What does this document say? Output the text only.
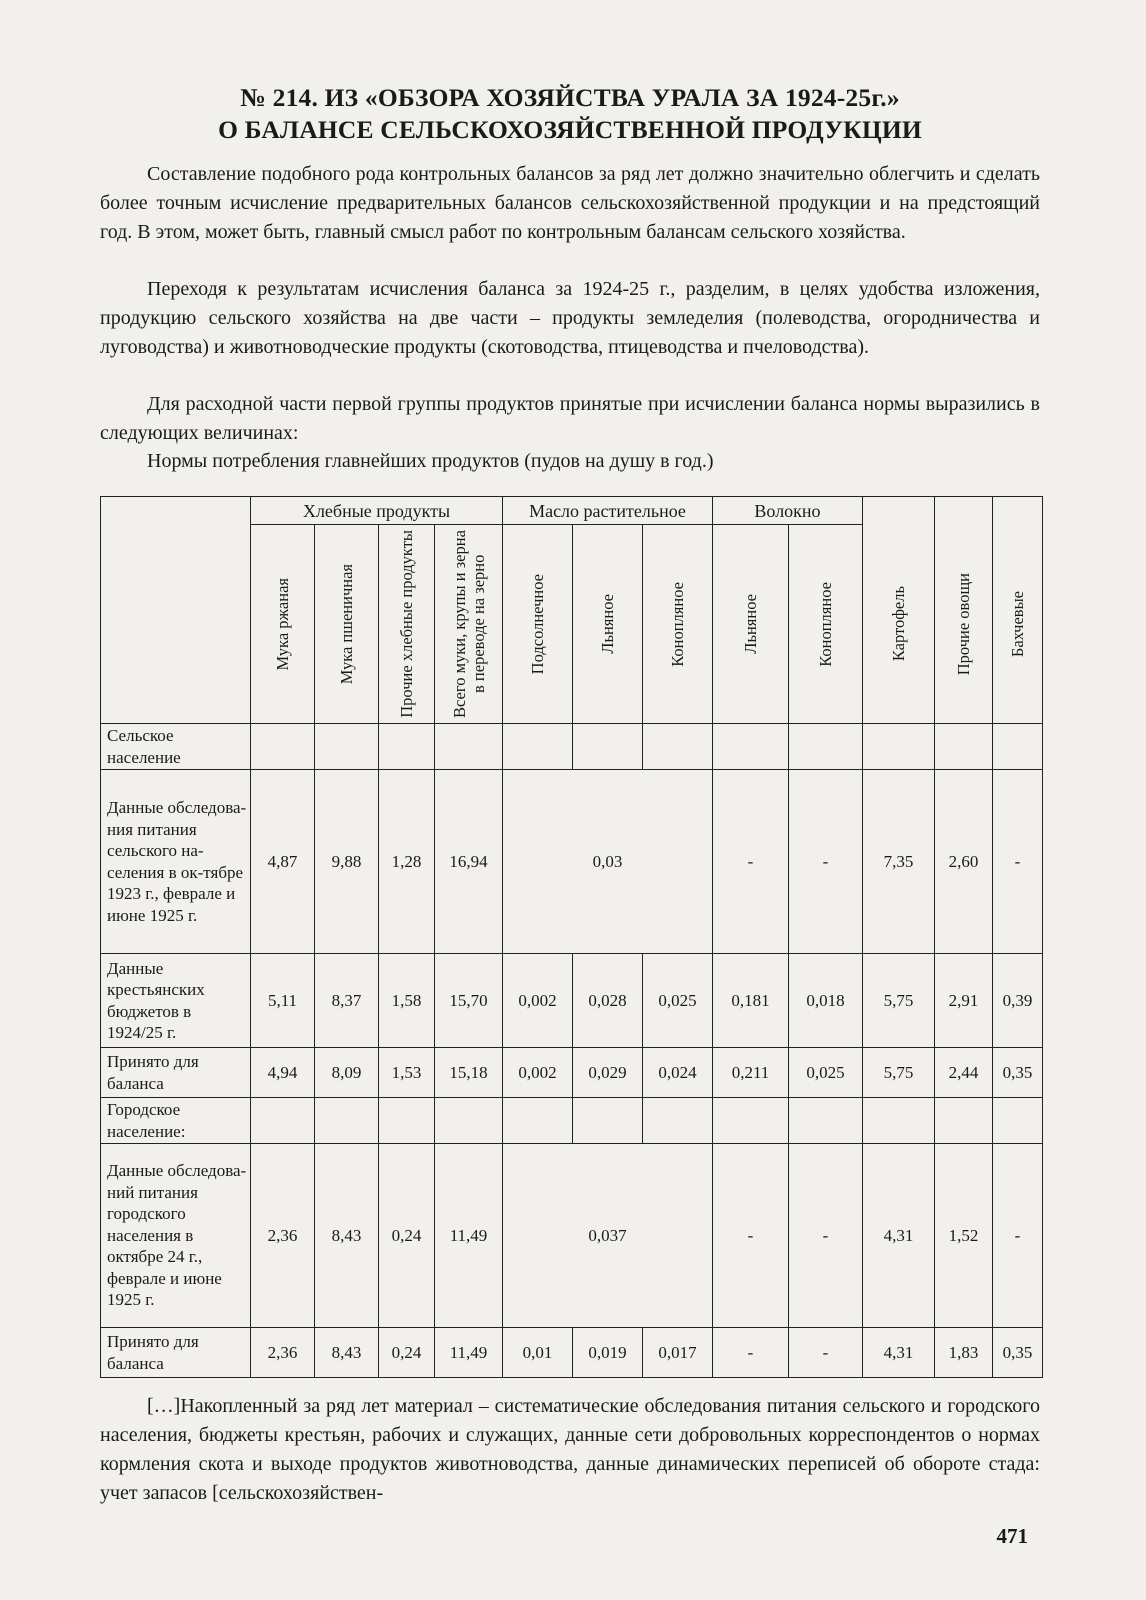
№ 214. ИЗ «ОБЗОРА ХОЗЯЙСТВА УРАЛА ЗА 1924-25г.»
О БАЛАНСЕ СЕЛЬСКОХОЗЯЙСТВЕННОЙ ПРОДУКЦИИ

Составление подобного рода контрольных балансов за ряд лет должно значительно облегчить и сделать более точным исчисление предварительных балансов сельскохозяйственной продукции и на предстоящий год. В этом, может быть, главный смысл работ по контрольным балансам сельского хозяйства.

Переходя к результатам исчисления баланса за 1924-25 г., разделим, в целях удобства изложения, продукцию сельского хозяйства на две части – продукты земледелия (полеводства, огородничества и луговодства) и животноводческие продукты (скотоводства, птицеводства и пчеловодства).

Для расходной части первой группы продуктов принятые при исчислении баланса нормы выразились в следующих величинах:

Нормы потребления главнейших продуктов (пудов на душу в год.)

	Хлебные продукты				Масло растительное			Волокно				

	Мука ржаная	Мука пшеничная	Прочие хлебные продукты	Всего муки, крупы и зерна в переводе на зерно	Подсолнечное	Льняное	Конопляное	Льняное	Конопляное	Картофель	Прочие овощи	Бахчевые

Сельское население												
Данные обследова-ния питания сельского на-селения в ок-тябре 1923 г., феврале и июне 1925 г.	4,87	9,88	1,28	16,94	0,03			-	-	7,35	2,60	-
Данные крестьянских бюджетов в 1924/25 г.	5,11	8,37	1,58	15,70	0,002	0,028	0,025	0,181	0,018	5,75	2,91	0,39
Принято для баланса	4,94	8,09	1,53	15,18	0,002	0,029	0,024	0,211	0,025	5,75	2,44	0,35
Городское население:												
Данные обследова-ний питания городского населения в октябре 24 г., феврале и июне 1925 г.	2,36	8,43	0,24	11,49	0,037			-	-	4,31	1,52	-
Принято для баланса	2,36	8,43	0,24	11,49	0,01	0,019	0,017	-	-	4,31	1,83	0,35

[…]Накопленный за ряд лет материал – систематические обследования питания сельского и городского населения, бюджеты крестьян, рабочих и служащих, данные сети добровольных корреспондентов о нормах кормления скота и выходе продуктов животноводства, данные динамических переписей об обороте стада: учет запасов [сельскохозяйствен-

471
